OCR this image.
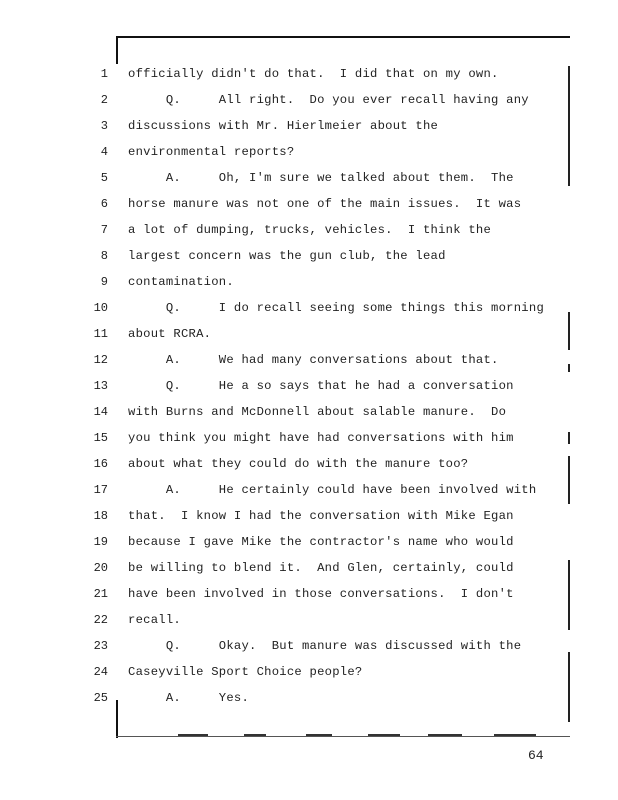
1 officially didn't do that.  I did that on my own.
2 Q.     All right.  Do you ever recall having any
3 discussions with Mr. Hierlmeier about the
4 environmental reports?
5 A.     Oh, I'm sure we talked about them.  The
6 horse manure was not one of the main issues.  It was
7 a lot of dumping, trucks, vehicles.  I think the
8 largest concern was the gun club, the lead
9 contamination.
10 Q.     I do recall seeing some things this morning
11 about RCRA.
12 A.     We had many conversations about that.
13 Q.     He a so says that he had a conversation
14 with Burns and McDonnell about salable manure.  Do
15 you think you might have had conversations with him
16 about what they could do with the manure too?
17 A.     He certainly could have been involved with
18 that.  I know I had the conversation with Mike Egan
19 because I gave Mike the contractor's name who would
20 be willing to blend it.  And Glen, certainly, could
21 have been involved in those conversations.  I don't
22 recall.
23 Q.     Okay.  But manure was discussed with the
24 Caseyville Sport Choice people?
25 A.     Yes.
64
